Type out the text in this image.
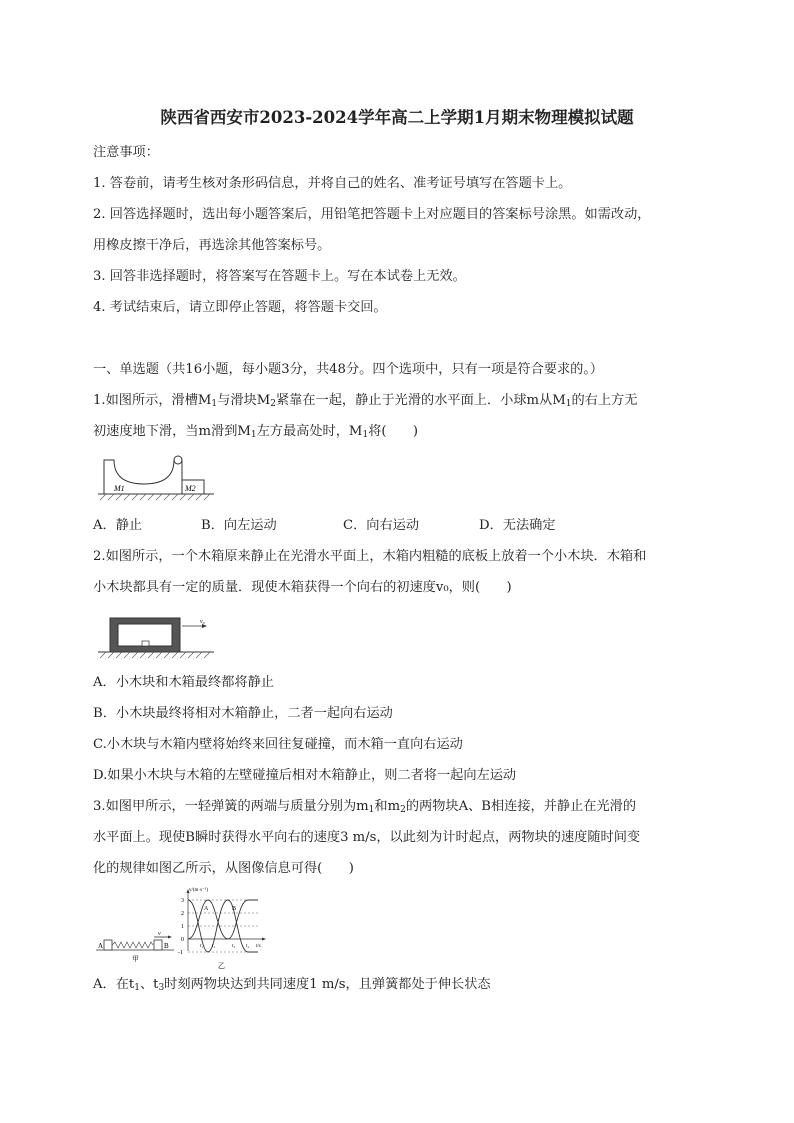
陕西省西安市2023-2024学年高二上学期1月期末物理模拟试题
注意事项：
1. 答卷前，请考生核对条形码信息，并将自己的姓名、准考证号填写在答题卡上。
2. 回答选择题时，选出每小题答案后，用铅笔把答题卡上对应题目的答案标号涂黑。如需改动，
用橡皮擦干净后，再选涂其他答案标号。
3. 回答非选择题时，将答案写在答题卡上。写在本试卷上无效。
4. 考试结束后，请立即停止答题，将答题卡交回。
一、单选题（共16小题，每小题3分，共48分。四个选项中，只有一项是符合要求的。）
1.如图所示，滑槽$M_1$与滑块$M_2$紧靠在一起，静止于光滑的水平面上．小球m从$M_1$的右上方无
初速度地下滑，当m滑到$M_1$左方最高处时，$M_1$将(　　)
M1	M2
A．静止	B．向左运动	C．向右运动	D．无法确定
2.如图所示，一个木箱原来静止在光滑水平面上，木箱内粗糙的底板上放着一个小木块．木箱和
小木块都具有一定的质量．现使木箱获得一个向右的初速度v₀，则(　　)
v₀
A．小木块和木箱最终都将静止
B．小木块最终将相对木箱静止，二者一起向右运动
C.小木块与木箱内壁将始终来回往复碰撞，而木箱一直向右运动
D.如果小木块与木箱的左壁碰撞后相对木箱静止，则二者将一起向左运动
3.如图甲所示，一轻弹簧的两端与质量分别为$m_1$和$m_2$的两物块A、B相连接，并静止在光滑的
水平面上。现使B瞬时获得水平向右的速度3 m/s，以此刻为计时起点，两物块的速度随时间变
化的规律如图乙所示，从图像信息可得(　　)
A	B
v
甲
v/(m·s⁻¹)
t/s
3
2
1
0
-1
t₁ t₂	t₃ t₄
A	B
乙
A．在$t_1$、$t_3$时刻两物块达到共同速度1 m/s，且弹簧都处于伸长状态
